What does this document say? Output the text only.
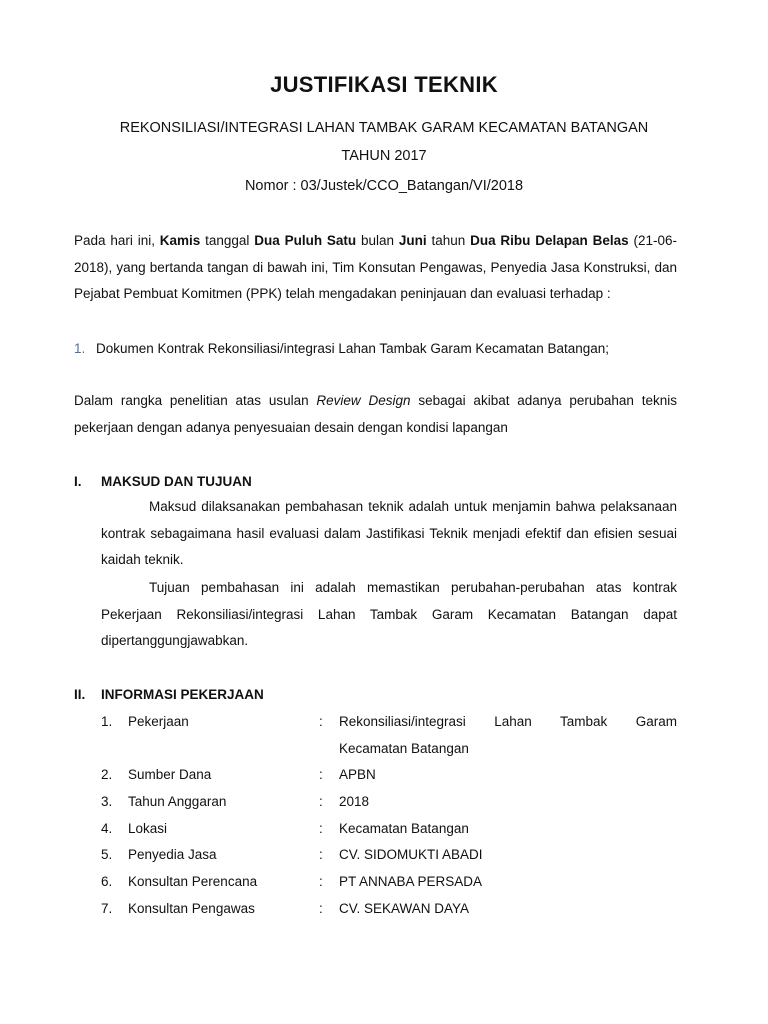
JUSTIFIKASI TEKNIK
REKONSILIASI/INTEGRASI LAHAN TAMBAK GARAM KECAMATAN BATANGAN
TAHUN 2017
Nomor : 03/Justek/CCO_Batangan/VI/2018
Pada hari ini, Kamis tanggal Dua Puluh Satu bulan Juni tahun Dua Ribu Delapan Belas (21-06-2018), yang bertanda tangan di bawah ini, Tim Konsutan Pengawas, Penyedia Jasa Konstruksi, dan Pejabat Pembuat Komitmen (PPK) telah mengadakan peninjauan dan evaluasi terhadap :
1. Dokumen Kontrak Rekonsiliasi/integrasi Lahan Tambak Garam Kecamatan Batangan;
Dalam rangka penelitian atas usulan Review Design sebagai akibat adanya perubahan teknis pekerjaan dengan adanya penyesuaian desain dengan kondisi lapangan
I. MAKSUD DAN TUJUAN
Maksud dilaksanakan pembahasan teknik adalah untuk menjamin bahwa pelaksanaan kontrak sebagaimana hasil evaluasi dalam Jastifikasi Teknik menjadi efektif dan efisien sesuai kaidah teknik.
Tujuan pembahasan ini adalah memastikan perubahan-perubahan atas kontrak Pekerjaan Rekonsiliasi/integrasi Lahan Tambak Garam Kecamatan Batangan dapat dipertanggungjawabkan.
II. INFORMASI PEKERJAAN
1. Pekerjaan	: Rekonsiliasi/integrasi Lahan Tambak Garam
Kecamatan Batangan
2. Sumber Dana	: APBN
3. Tahun Anggaran	: 2018
4. Lokasi	: Kecamatan Batangan
5. Penyedia Jasa	: CV. SIDOMUKTI ABADI
6. Konsultan Perencana	: PT ANNABA PERSADA
7. Konsultan Pengawas	: CV. SEKAWAN DAYA
